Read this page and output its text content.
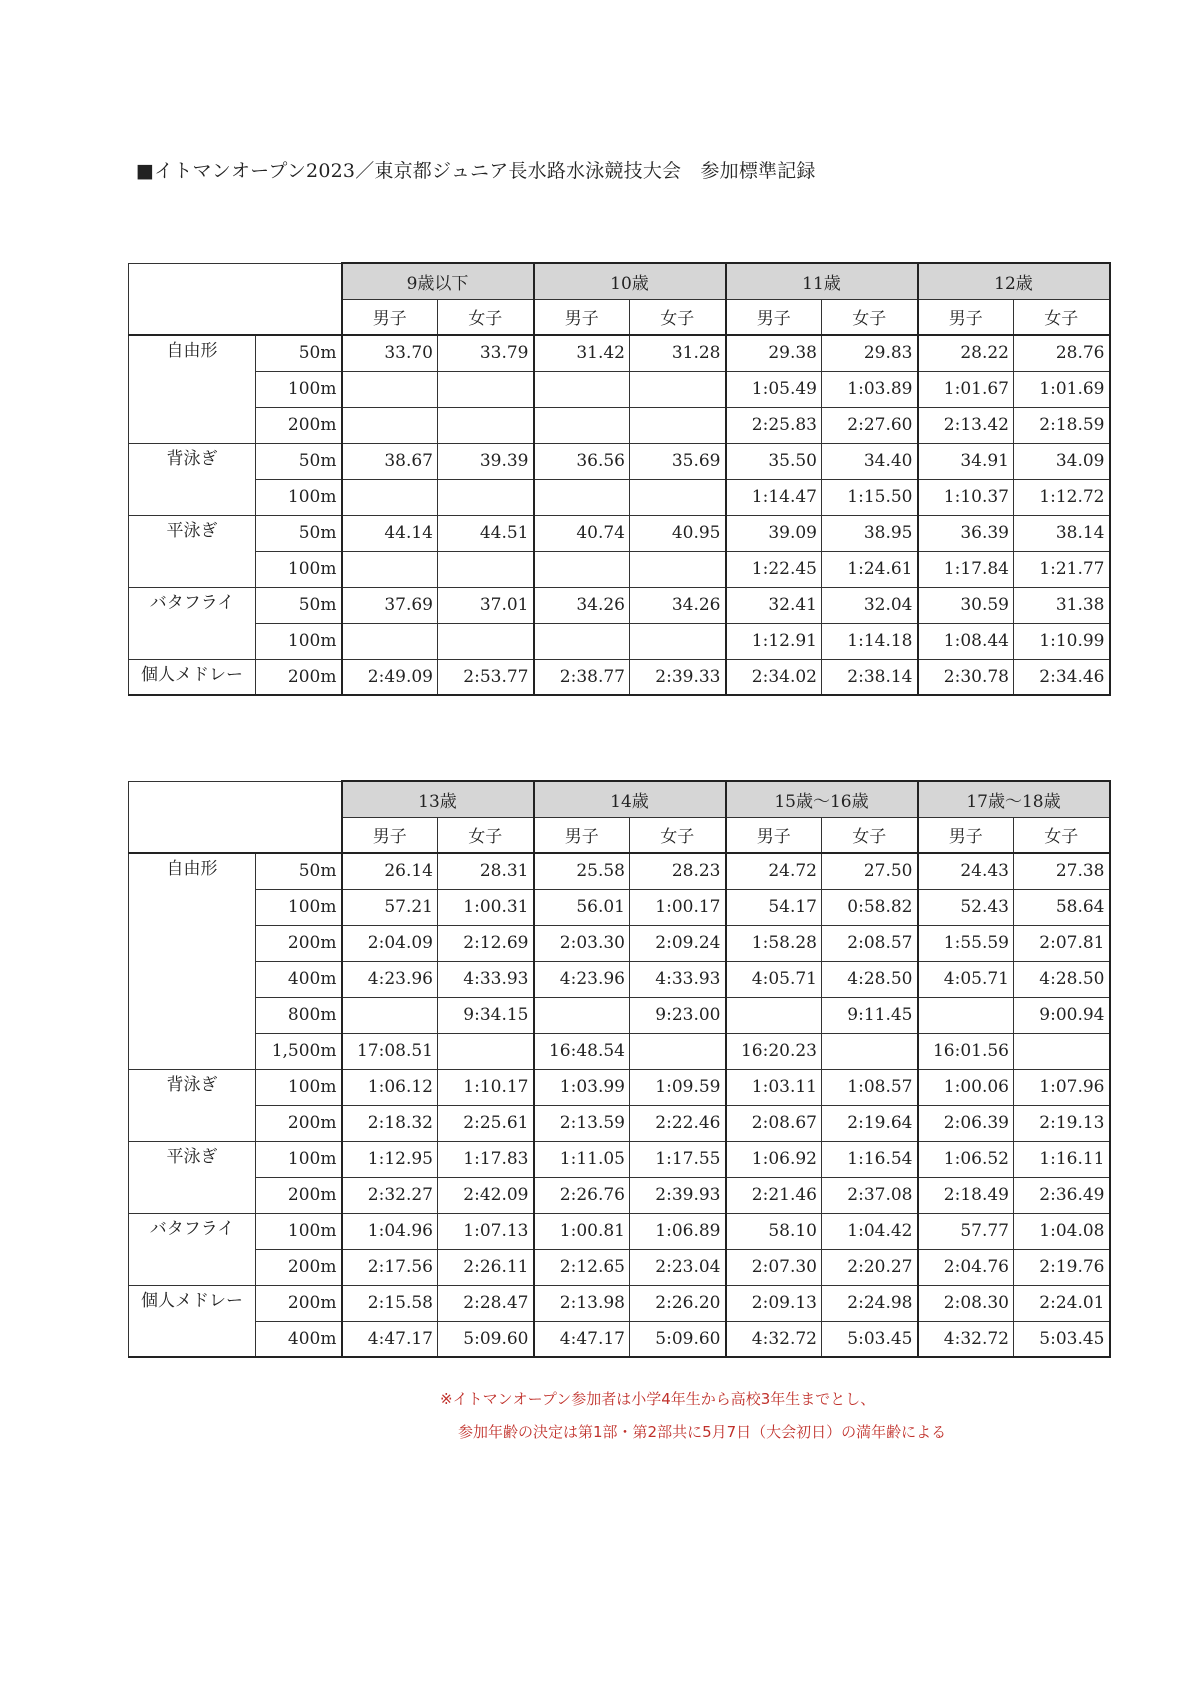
■イトマンオープン2023／東京都ジュニア長水路水泳競技大会　参加標準記録
		9歳以下		10歳		11歳		12歳	
		男子	女子	男子	女子	男子	女子	男子	女子
自由形	50m	33.70	33.79	31.42	31.28	29.38	29.83	28.22	28.76
	100m					1:05.49	1:03.89	1:01.67	1:01.69
	200m					2:25.83	2:27.60	2:13.42	2:18.59
背泳ぎ	50m	38.67	39.39	36.56	35.69	35.50	34.40	34.91	34.09
	100m					1:14.47	1:15.50	1:10.37	1:12.72
平泳ぎ	50m	44.14	44.51	40.74	40.95	39.09	38.95	36.39	38.14
	100m					1:22.45	1:24.61	1:17.84	1:21.77
バタフライ	50m	37.69	37.01	34.26	34.26	32.41	32.04	30.59	31.38
	100m					1:12.91	1:14.18	1:08.44	1:10.99
個人メドレー	200m	2:49.09	2:53.77	2:38.77	2:39.33	2:34.02	2:38.14	2:30.78	2:34.46
		13歳		14歳		15歳～16歳		17歳～18歳	
		男子	女子	男子	女子	男子	女子	男子	女子
自由形	50m	26.14	28.31	25.58	28.23	24.72	27.50	24.43	27.38
	100m	57.21	1:00.31	56.01	1:00.17	54.17	0:58.82	52.43	58.64
	200m	2:04.09	2:12.69	2:03.30	2:09.24	1:58.28	2:08.57	1:55.59	2:07.81
	400m	4:23.96	4:33.93	4:23.96	4:33.93	4:05.71	4:28.50	4:05.71	4:28.50
	800m		9:34.15		9:23.00		9:11.45		9:00.94
	1,500m	17:08.51		16:48.54		16:20.23		16:01.56	
背泳ぎ	100m	1:06.12	1:10.17	1:03.99	1:09.59	1:03.11	1:08.57	1:00.06	1:07.96
	200m	2:18.32	2:25.61	2:13.59	2:22.46	2:08.67	2:19.64	2:06.39	2:19.13
平泳ぎ	100m	1:12.95	1:17.83	1:11.05	1:17.55	1:06.92	1:16.54	1:06.52	1:16.11
	200m	2:32.27	2:42.09	2:26.76	2:39.93	2:21.46	2:37.08	2:18.49	2:36.49
バタフライ	100m	1:04.96	1:07.13	1:00.81	1:06.89	58.10	1:04.42	57.77	1:04.08
	200m	2:17.56	2:26.11	2:12.65	2:23.04	2:07.30	2:20.27	2:04.76	2:19.76
個人メドレー	200m	2:15.58	2:28.47	2:13.98	2:26.20	2:09.13	2:24.98	2:08.30	2:24.01
	400m	4:47.17	5:09.60	4:47.17	5:09.60	4:32.72	5:03.45	4:32.72	5:03.45
※イトマンオープン参加者は小学4年生から高校3年生までとし、
参加年齢の決定は第1部・第2部共に5月7日（大会初日）の満年齢による
